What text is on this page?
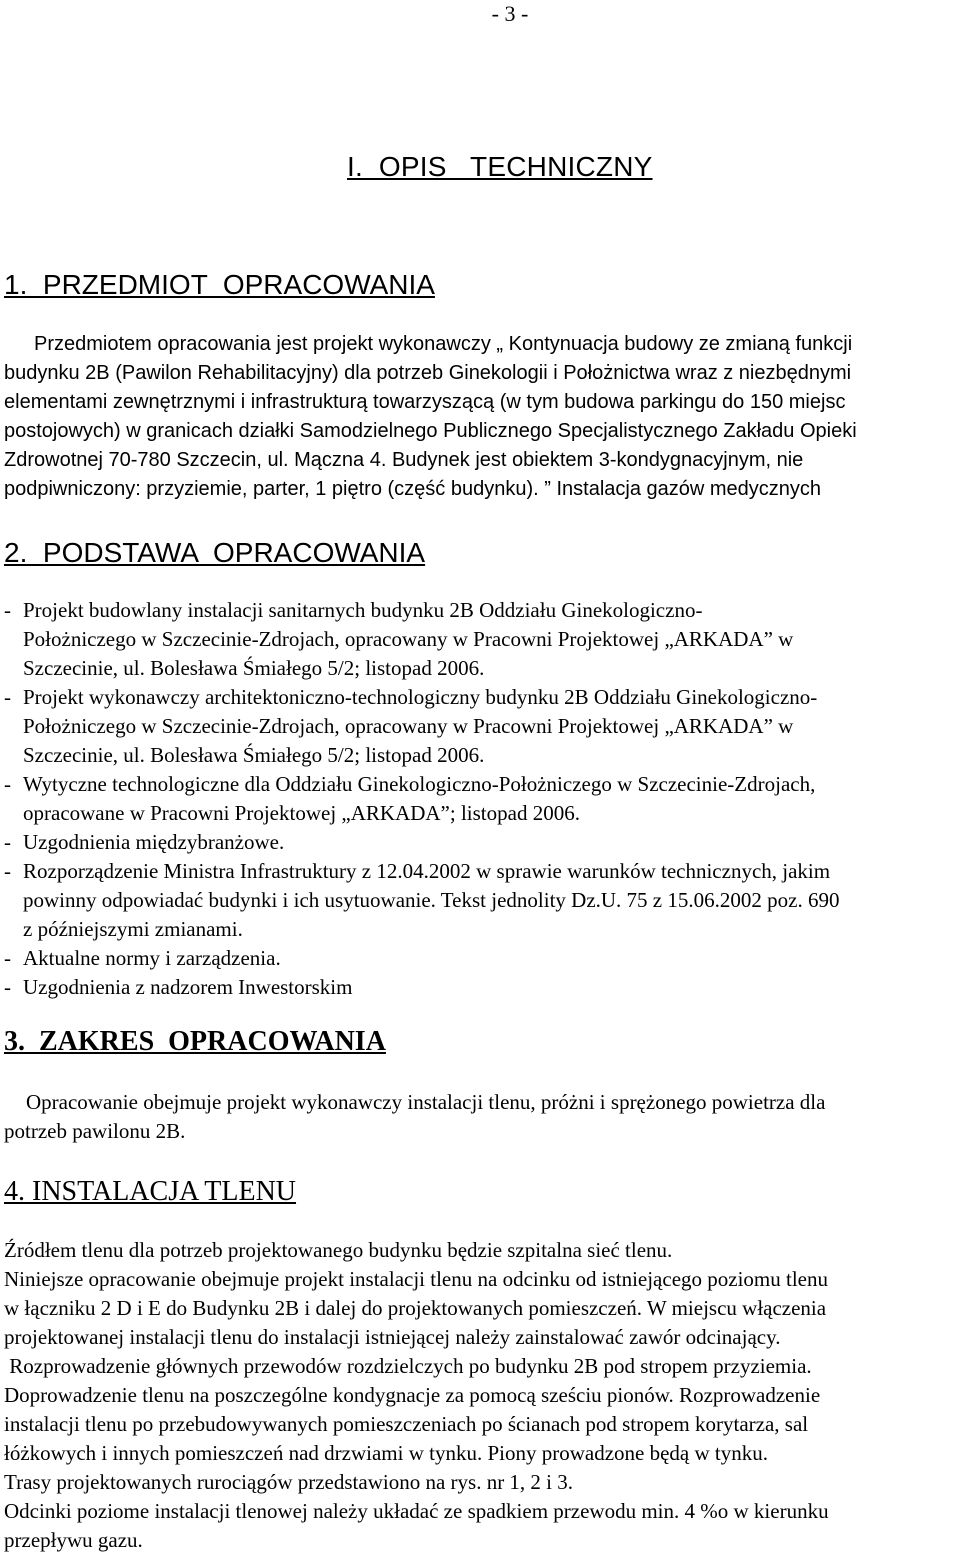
- 3 -
I.  OPIS   TECHNICZNY
1.  PRZEDMIOT  OPRACOWANIA
Przedmiotem opracowania jest projekt wykonawczy „ Kontynuacja budowy ze zmianą funkcji
budynku 2B (Pawilon Rehabilitacyjny) dla potrzeb Ginekologii i Położnictwa wraz z niezbędnymi
elementami zewnętrznymi i infrastrukturą towarzyszącą (w tym budowa parkingu do 150 miejsc
postojowych) w granicach działki Samodzielnego Publicznego Specjalistycznego Zakładu Opieki
Zdrowotnej 70-780 Szczecin, ul. Mączna 4. Budynek jest obiektem 3-kondygnacyjnym, nie
podpiwniczony: przyziemie, parter, 1 piętro (część budynku). ” Instalacja gazów medycznych
2.  PODSTAWA  OPRACOWANIA
- Projekt budowlany instalacji sanitarnych budynku 2B Oddziału Ginekologiczno-
Położniczego w Szczecinie-Zdrojach, opracowany w Pracowni Projektowej „ARKADA” w
Szczecinie, ul. Bolesława Śmiałego 5/2; listopad 2006.
- Projekt wykonawczy architektoniczno-technologiczny budynku 2B Oddziału Ginekologiczno-
Położniczego w Szczecinie-Zdrojach, opracowany w Pracowni Projektowej „ARKADA” w
Szczecinie, ul. Bolesława Śmiałego 5/2; listopad 2006.
- Wytyczne technologiczne dla Oddziału Ginekologiczno-Położniczego w Szczecinie-Zdrojach,
opracowane w Pracowni Projektowej „ARKADA”; listopad 2006.
- Uzgodnienia międzybranżowe.
- Rozporządzenie Ministra Infrastruktury z 12.04.2002 w sprawie warunków technicznych, jakim
powinny odpowiadać budynki i ich usytuowanie. Tekst jednolity Dz.U. 75 z 15.06.2002 poz. 690
z późniejszymi zmianami.
- Aktualne normy i zarządzenia.
- Uzgodnienia z nadzorem Inwestorskim
3.  ZAKRES  OPRACOWANIA
Opracowanie obejmuje projekt wykonawczy instalacji tlenu, próżni i sprężonego powietrza dla
potrzeb pawilonu 2B.
4. INSTALACJA TLENU
Źródłem tlenu dla potrzeb projektowanego budynku będzie szpitalna sieć tlenu.
Niniejsze opracowanie obejmuje projekt instalacji tlenu na odcinku od istniejącego poziomu tlenu
w łączniku 2 D i E do Budynku 2B i dalej do projektowanych pomieszczeń. W miejscu włączenia
projektowanej instalacji tlenu do instalacji istniejącej należy zainstalować zawór odcinający.
Rozprowadzenie głównych przewodów rozdzielczych po budynku 2B pod stropem przyziemia.
Doprowadzenie tlenu na poszczególne kondygnacje za pomocą sześciu pionów. Rozprowadzenie
instalacji tlenu po przebudowywanych pomieszczeniach po ścianach pod stropem korytarza, sal
łóżkowych i innych pomieszczeń nad drzwiami w tynku. Piony prowadzone będą w tynku.
Trasy projektowanych rurociągów przedstawiono na rys. nr 1, 2 i 3.
Odcinki poziome instalacji tlenowej należy układać ze spadkiem przewodu min. 4 %o w kierunku
przepływu gazu.
